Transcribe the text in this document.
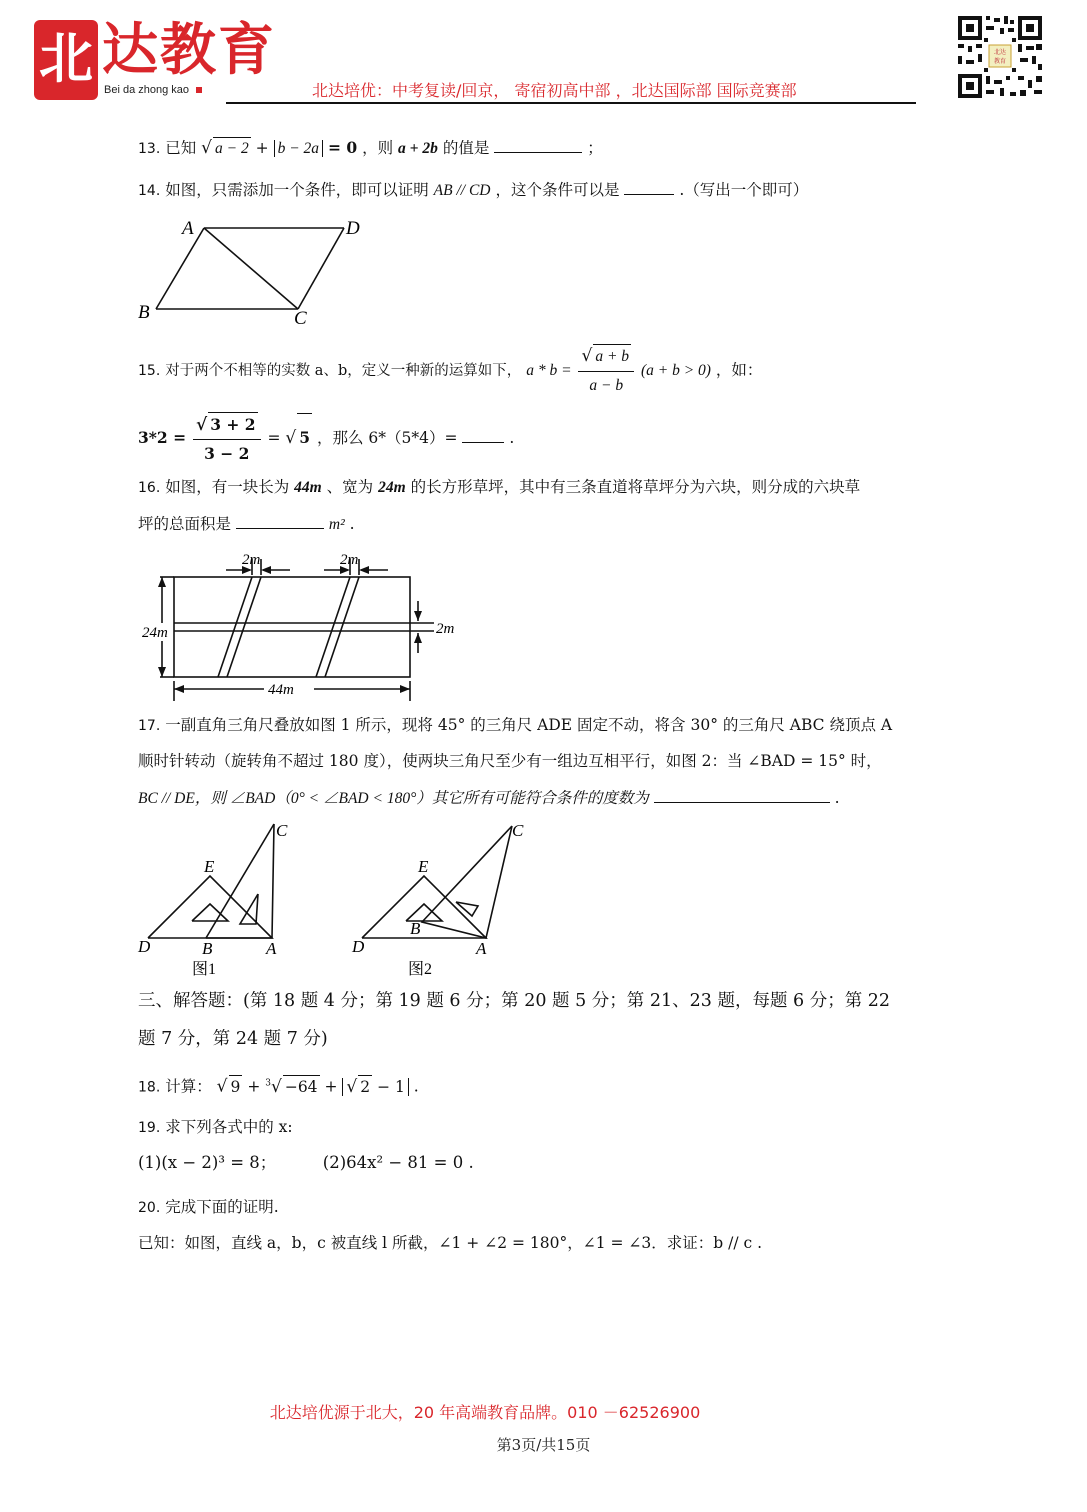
北 达教育
Bei da zhong kao	北达培优：中考复读/回京， 寄宿初高中部 ，北达国际部 国际竞赛部
北达
教育
13. 已知 √ a − 2 + b − 2a = 0 ，则 a + 2b 的值是	；
14. 如图，只需添加一个条件，即可以证明 AB // CD ，这个条件可以是	.（写出一个即可）
A	D
B	C
15. 对于两个不相等的实数 a、b，定义一种新的运算如下， $a * b = \frac{√ a + b}{a - b} (a + b > 0)$ ，如：
$3*2 = \frac{√ 3 + 2}{3 - 2}$ = √ 5 ，那么 6*（5*4）=	.
16. 如图，有一块长为 44m 、宽为 24m 的长方形草坪，其中有三条直道将草坪分为六块，则分成的六块草
坪的总面积是	m² .
2m	2m
2m
24m
44m
17. 一副直角三角尺叠放如图 1 所示，现将 45° 的三角尺 ADE 固定不动，将含 30° 的三角尺 ABC 绕顶点 A
顺时针转动（旋转角不超过 180 度），使两块三角尺至少有一组边互相平行，如图 2：当 ∠BAD = 15° 时，
BC // DE，则 ∠BAD（0° < ∠BAD < 180°）其它所有可能符合条件的度数为	.
C
E
D	B	A
图1
C
E
D
B
A
图2
三、解答题：(第 18 题 4 分；第 19 题 6 分；第 20 题 5 分；第 21、23 题，每题 6 分；第 22
题 7 分，第 24 题 7 分)
18. 计算： √ 9 + $^3$√ −64 + √ 2 − 1 .
19. 求下列各式中的 x:
(1)(x − 2)³ = 8；	(2)64x² − 81 = 0 .
20. 完成下面的证明.
已知：如图，直线 a，b，c 被直线 l 所截，∠1 + ∠2 = 180°，∠1 = ∠3．求证：b // c .
北达培优源于北大，20 年高端教育品牌。010 －62526900
第3页/共15页
